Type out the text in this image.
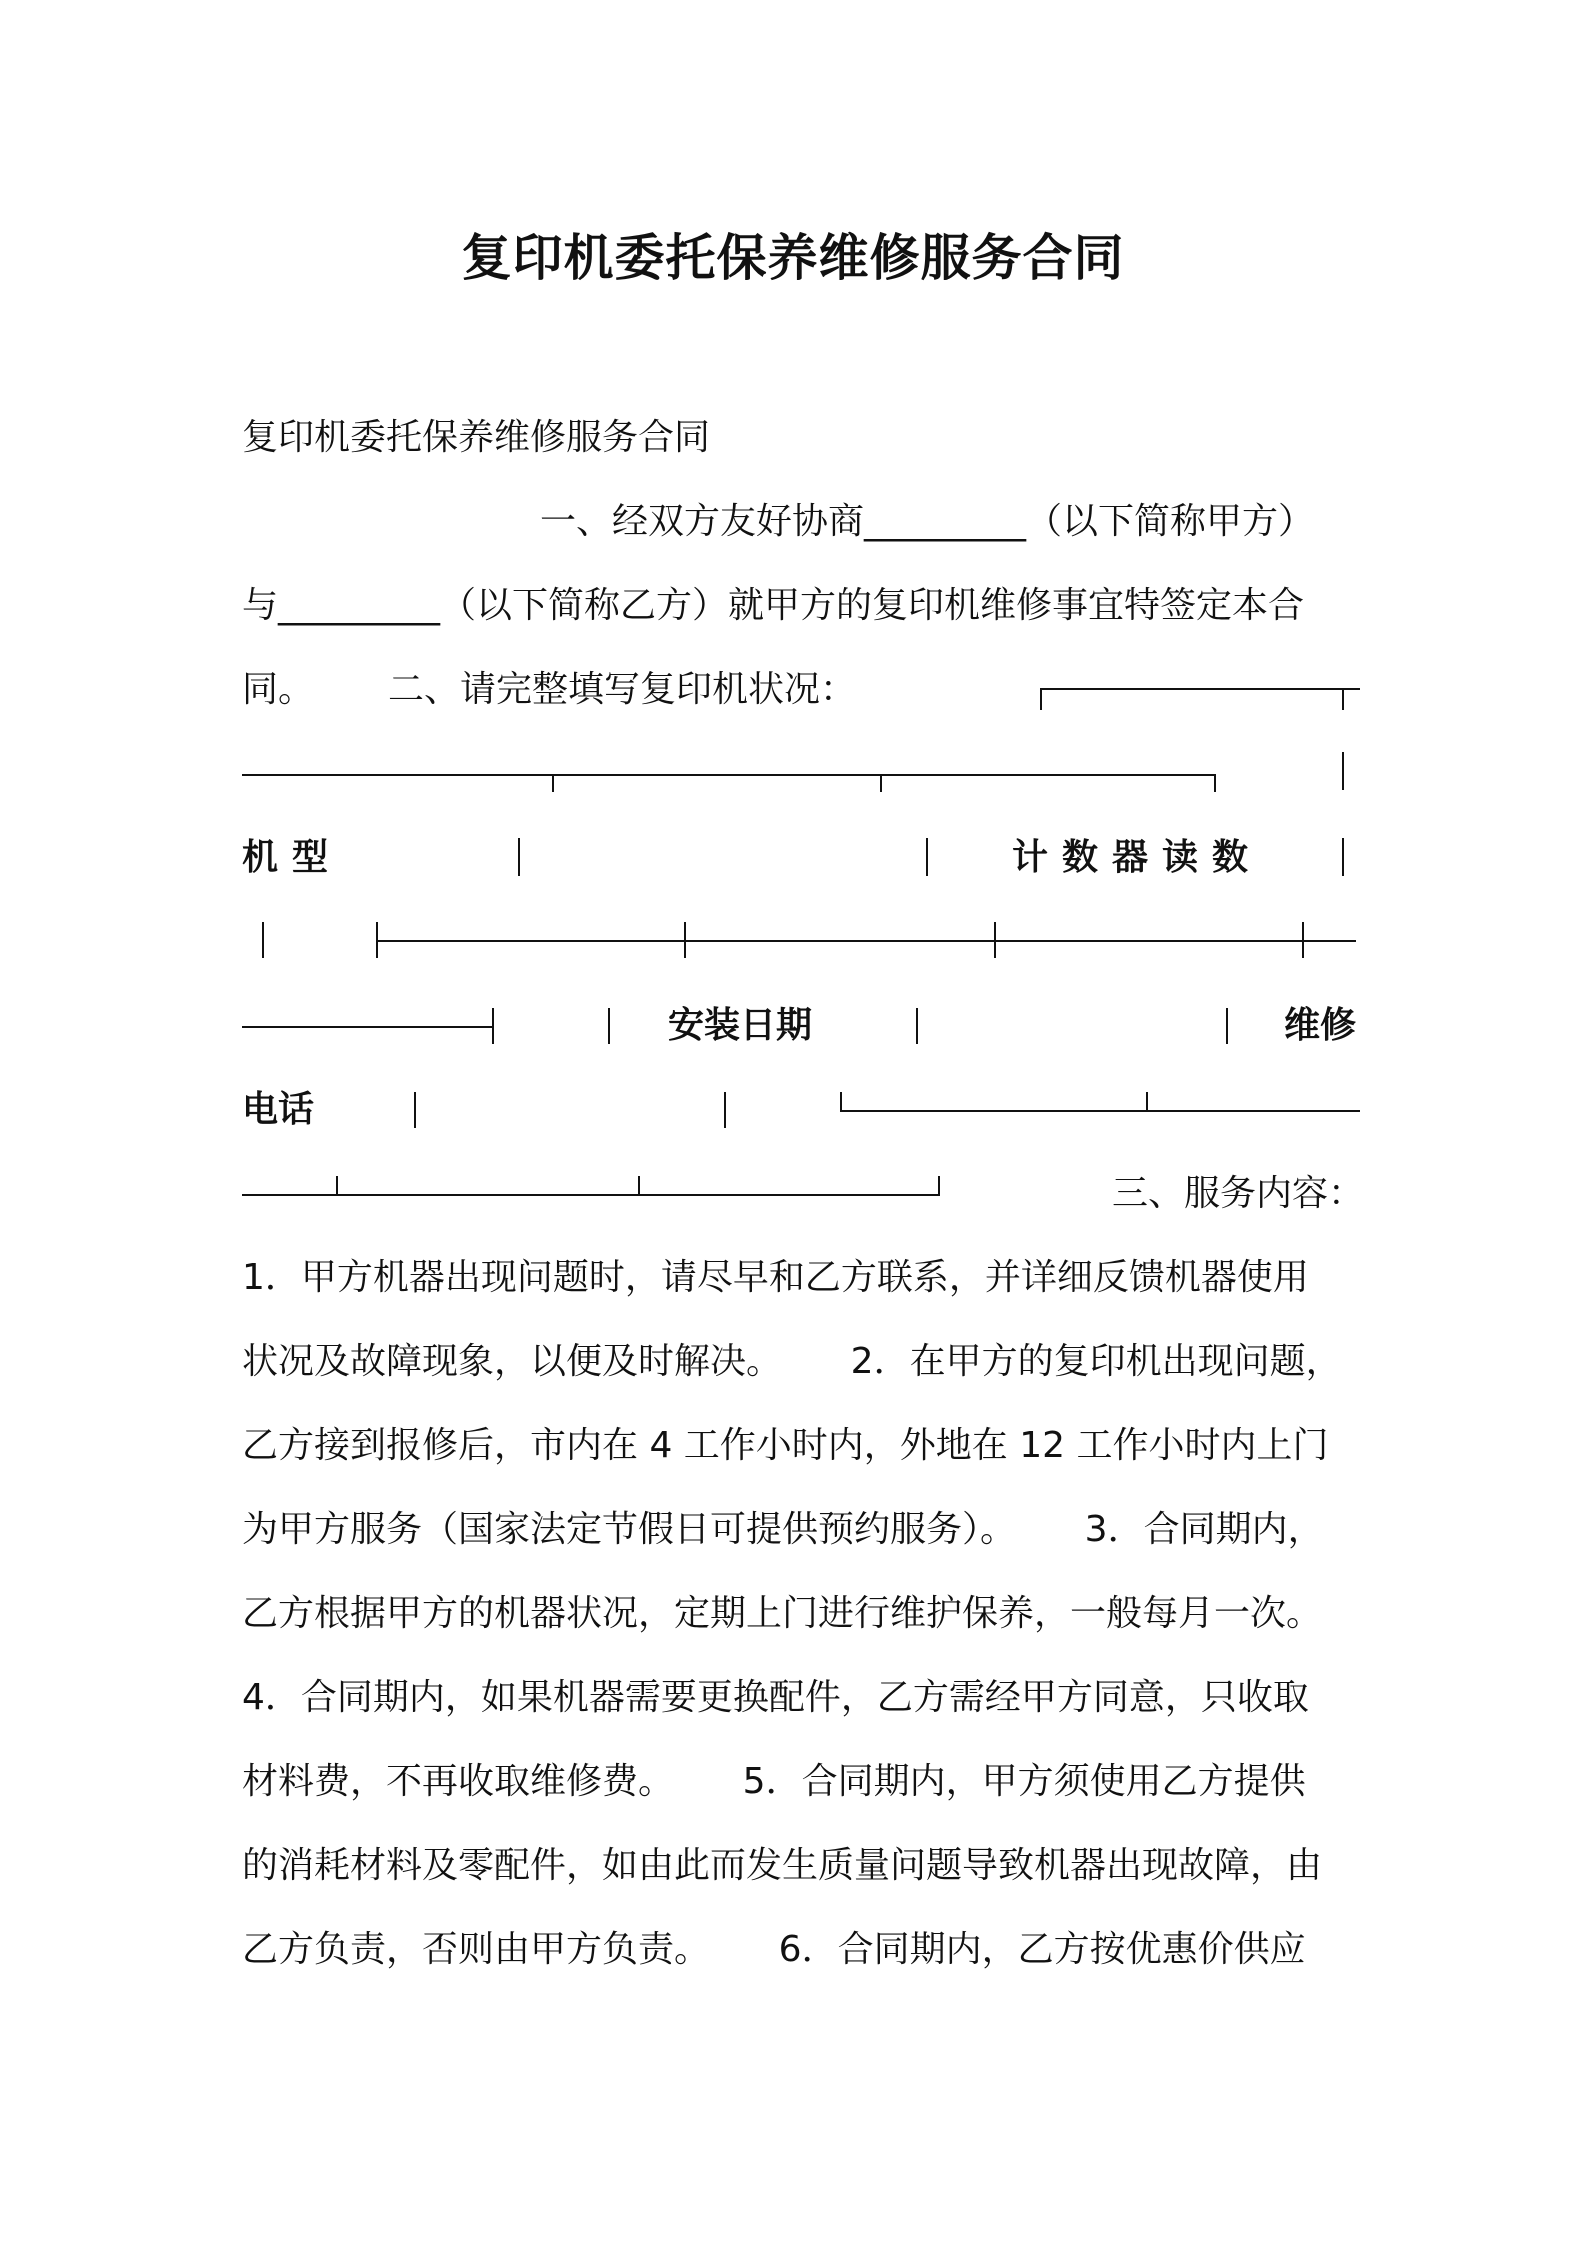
复印机委托保养维修服务合同
复印机委托保养维修服务合同
一、经双方友好协商_________（以下简称甲方）
与_________（以下简称乙方）就甲方的复印机维修事宜特签定本合
同。 二、请完整填写复印机状况：
机型	计数器读数
安装日期	维修
电话
三、服务内容：
1．甲方机器出现问题时，请尽早和乙方联系，并详细反馈机器使用
状况及故障现象，以便及时解决。      2．在甲方的复印机出现问题，
乙方接到报修后，市内在 4 工作小时内，外地在 12 工作小时内上门
为甲方服务（国家法定节假日可提供预约服务）。      3．合同期内，
乙方根据甲方的机器状况，定期上门进行维护保养，一般每月一次。
4．合同期内，如果机器需要更换配件，乙方需经甲方同意，只收取
材料费，不再收取维修费。      5．合同期内，甲方须使用乙方提供
的消耗材料及零配件，如由此而发生质量问题导致机器出现故障，由
乙方负责，否则由甲方负责。      6．合同期内，乙方按优惠价供应
